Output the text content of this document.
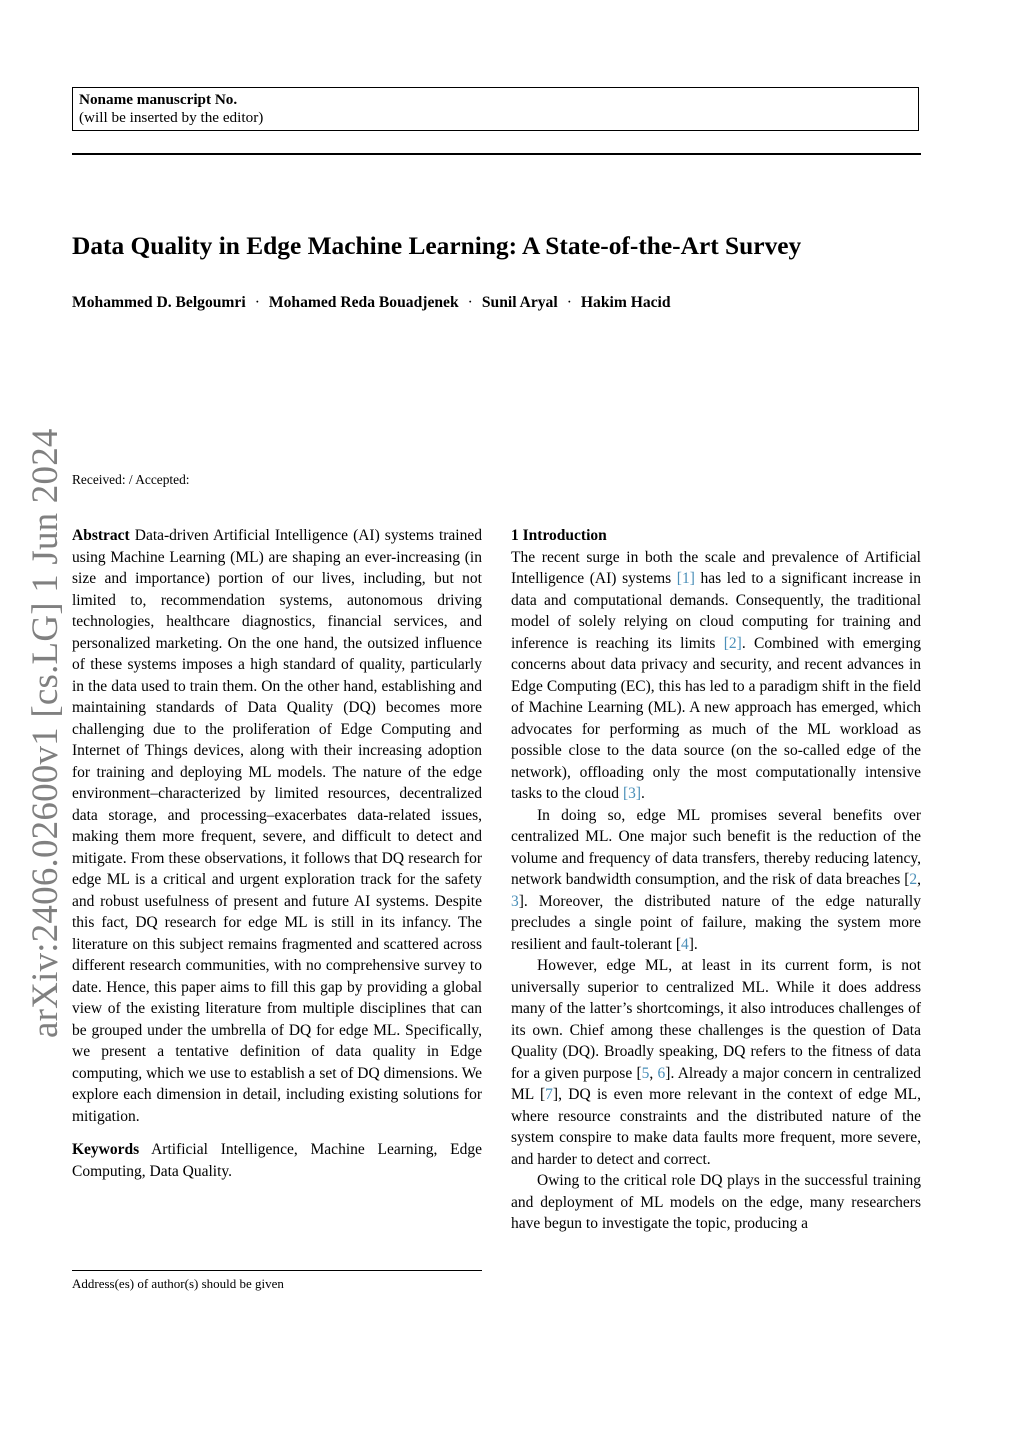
Noname manuscript No.
(will be inserted by the editor)
Data Quality in Edge Machine Learning: A State-of-the-Art Survey
Mohammed D. Belgoumri · Mohamed Reda Bouadjenek · Sunil Aryal · Hakim Hacid
Received: / Accepted:
arXiv:2406.02600v1 [cs.LG] 1 Jun 2024 Abstract Data-driven Artificial Intelligence (AI) systems trained using Machine Learning (ML) are shaping an ever-increasing (in size and importance) portion of our lives, including, but not limited to, recommendation systems, autonomous driving technologies, healthcare diagnostics, financial services, and personalized marketing. On the one hand, the outsized influence of these systems imposes a high standard of quality, particularly in the data used to train them. On the other hand, establishing and maintaining standards of Data Quality (DQ) becomes more challenging due to the proliferation of Edge Computing and Internet of Things devices, along with their increasing adoption for training and deploying ML models. The nature of the edge environment–characterized by limited resources, decentralized data storage, and processing–exacerbates data-related issues, making them more frequent, severe, and difficult to detect and mitigate. From these observations, it follows that DQ research for edge ML is a critical and urgent exploration track for the safety and robust usefulness of present and future AI systems. Despite this fact, DQ research for edge ML is still in its infancy. The literature on this subject remains fragmented and scattered across different research communities, with no comprehensive survey to date. Hence, this paper aims to fill this gap by providing a global view of the existing literature from multiple disciplines that can be grouped under the umbrella of DQ for edge ML. Specifically, we present a tentative definition of data quality in Edge computing, which we use to establish a set of DQ dimensions. We explore each dimension in detail, including existing solutions for mitigation.

Keywords Artificial Intelligence, Machine Learning, Edge Computing, Data Quality.

1 Introduction

The recent surge in both the scale and prevalence of Artificial Intelligence (AI) systems [1] has led to a significant increase in data and computational demands. Consequently, the traditional model of solely relying on cloud computing for training and inference is reaching its limits [2]. Combined with emerging concerns about data privacy and security, and recent advances in Edge Computing (EC), this has led to a paradigm shift in the field of Machine Learning (ML). A new approach has emerged, which advocates for performing as much of the ML workload as possible close to the data source (on the so-called edge of the network), offloading only the most computationally intensive tasks to the cloud [3].

In doing so, edge ML promises several benefits over centralized ML. One major such benefit is the reduction of the volume and frequency of data transfers, thereby reducing latency, network bandwidth consumption, and the risk of data breaches [2, 3]. Moreover, the distributed nature of the edge naturally precludes a single point of failure, making the system more resilient and fault-tolerant [4].

However, edge ML, at least in its current form, is not universally superior to centralized ML. While it does address many of the latter’s shortcomings, it also introduces challenges of its own. Chief among these challenges is the question of Data Quality (DQ). Broadly speaking, DQ refers to the fitness of data for a given purpose [5, 6]. Already a major concern in centralized ML [7], DQ is even more relevant in the context of edge ML, where resource constraints and the distributed nature of the system conspire to make data faults more frequent, more severe, and harder to detect and correct.

Owing to the critical role DQ plays in the successful training and deployment of ML models on the edge, many researchers have begun to investigate the topic, producing a

Address(es) of author(s) should be given
